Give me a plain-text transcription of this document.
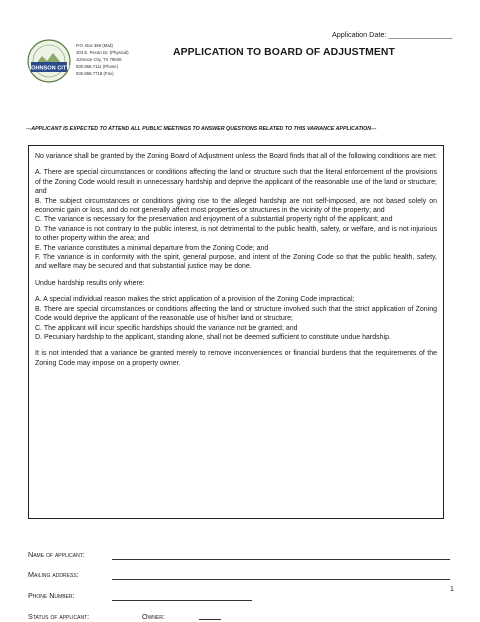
Application Date: ________________
JOHNSON CITY
P.O. Box 369 (Mail)
303 E. Pecan Dr. (Physical)
Johnson City, TX 78636
830.868.7111 (Phone)
830.868.7718 (Fax)
APPLICATION TO BOARD OF ADJUSTMENT
---APPLICANT IS EXPECTED TO ATTEND ALL PUBLIC MEETINGS TO ANSWER QUESTIONS RELATED TO THIS VARIANCE APPLICATION---

No variance shall be granted by the Zoning Board of Adjustment unless the Board finds that all of the following conditions are met:

A. There are special circumstances or conditions affecting the land or structure such that the literal enforcement of the provisions of the Zoning Code would result in unnecessary hardship and deprive the applicant of the reasonable use of the land or structure; and

B. The subject circumstances or conditions giving rise to the alleged hardship are not self-imposed, are not based solely on economic gain or loss, and do not generally affect most properties or structures in the vicinity of the property; and

C. The variance is necessary for the preservation and enjoyment of a substantial property right of the applicant; and

D. The variance is not contrary to the public interest, is not detrimental to the public health, safety, or welfare, and is not injurious to other property within the area; and

E. The variance constitutes a minimal departure from the Zoning Code; and

F. The variance is in conformity with the spirit, general purpose, and intent of the Zoning Code so that the public health, safety, and welfare may be secured and that substantial justice may be done.

Undue hardship results only where:

A. A special individual reason makes the strict application of a provision of the Zoning Code impractical;

B. There are special circumstances or conditions affecting the land or structure involved such that the strict application of Zoning Code would deprive the applicant of the reasonable use of his/her land or structure;

C. The applicant will incur specific hardships should the variance not be granted; and

D. Pecuniary hardship to the applicant, standing alone, shall not be deemed sufficient to constitute undue hardship.

It is not intended that a variance be granted merely to remove inconveniences or financial burdens that the requirements of the Zoning Code may impose on a property owner.

Name of applicant:
Mailing address:
Phone Number:
Status of applicant:	Owner:
1
